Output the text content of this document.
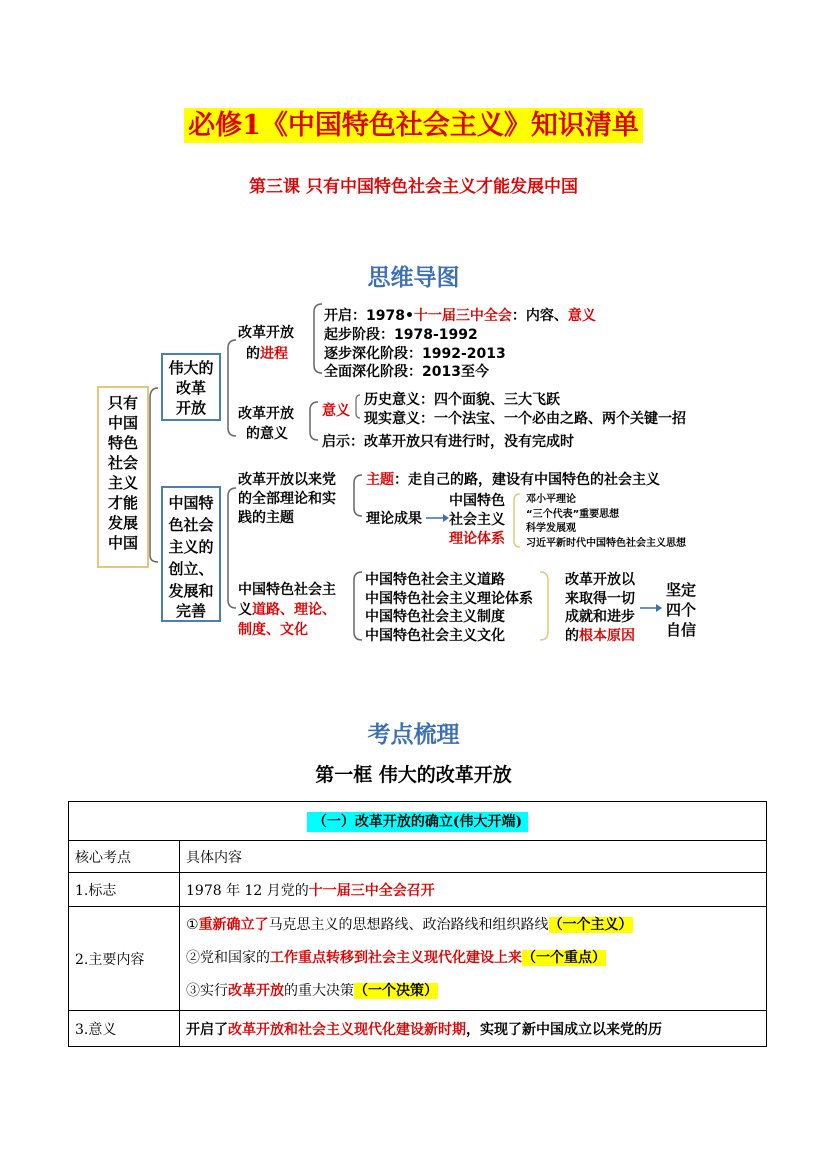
必修1《中国特色社会主义》知识清单
第三课 只有中国特色社会主义才能发展中国
思维导图
只有
中国
特色
社会
主义
才能
发展
中国
伟大的
改革
开放
中国特
色社会
主义的
创立、
发展和
完善
改革开放
的进程
开启：1978•十一届三中全会：内容、意义
起步阶段：1978-1992
逐步深化阶段：1992-2013
全面深化阶段：2013至今
改革开放
的意义
意义
历史意义：四个面貌、三大飞跃
现实意义：一个法宝、一个必由之路、两个关键一招
启示：改革开放只有进行时，没有完成时
改革开放以来党
的全部理论和实
践的主题
主题：走自己的路，建设有中国特色的社会主义
理论成果
中国特色
社会主义
理论体系
邓小平理论
“三个代表”重要思想
科学发展观
习近平新时代中国特色社会主义思想
中国特色社会主
义道路、理论、
制度、文化
中国特色社会主义道路
中国特色社会主义理论体系
中国特色社会主义制度
中国特色社会主义文化
改革开放以
来取得一切
成就和进步
的根本原因
坚定
四个
自信
考点梳理
第一框 伟大的改革开放
（一）改革开放的确立(伟大开端)	
核心考点	具体内容
1.标志	1978 年 12 月党的十一届三中全会召开
2.主要内容	①重新确立了马克思主义的思想路线、政治路线和组织路线（一个主义）
②党和国家的工作重点转移到社会主义现代化建设上来（一个重点）
③实行改革开放的重大决策（一个决策）

3.意义	开启了改革开放和社会主义现代化建设新时期，实现了新中国成立以来党的历
